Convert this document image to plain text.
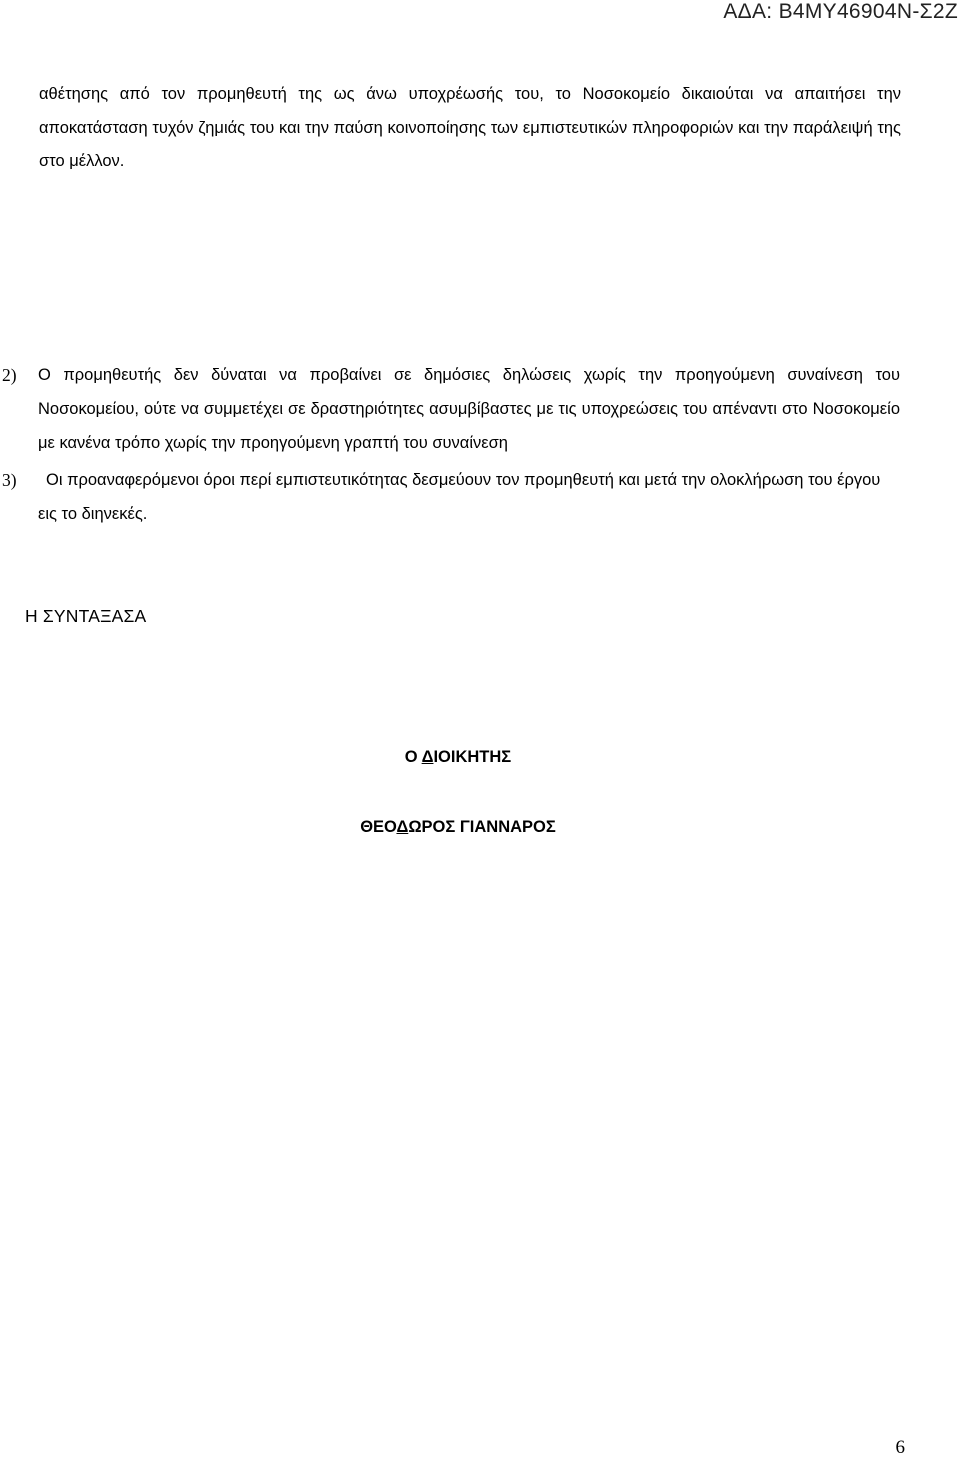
ΑΔΑ: Β4ΜΥ46904Ν-Σ2Ζ

αθέτησης από τον προμηθευτή της ως άνω υποχρέωσής του, το Νοσοκομείο δικαιούται να απαιτήσει την αποκατάσταση τυχόν ζημιάς του και την παύση κοινοποίησης των εμπιστευτικών πληροφοριών και την παράλειψή της στο μέλλον.

2) Ο προμηθευτής δεν δύναται να προβαίνει σε δημόσιες δηλώσεις χωρίς την προηγούμενη συναίνεση του Νοσοκομείου, ούτε να συμμετέχει σε δραστηριότητες ασυμβίβαστες με τις υποχρεώσεις του απέναντι στο Νοσοκομείο με κανένα τρόπο χωρίς την προηγούμενη γραπτή του συναίνεση

3) Οι προαναφερόμενοι όροι περί εμπιστευτικότητας δεσμεύουν τον προμηθευτή και μετά την ολοκλήρωση του έργου
εις το διηνεκές.

Η ΣΥΝΤΑΞΑΣΑ
Ο ΔΙΟΙΚΗΤΗΣ
ΘΕΟΔΩΡΟΣ ΓΙΑΝΝΑΡΟΣ
6
